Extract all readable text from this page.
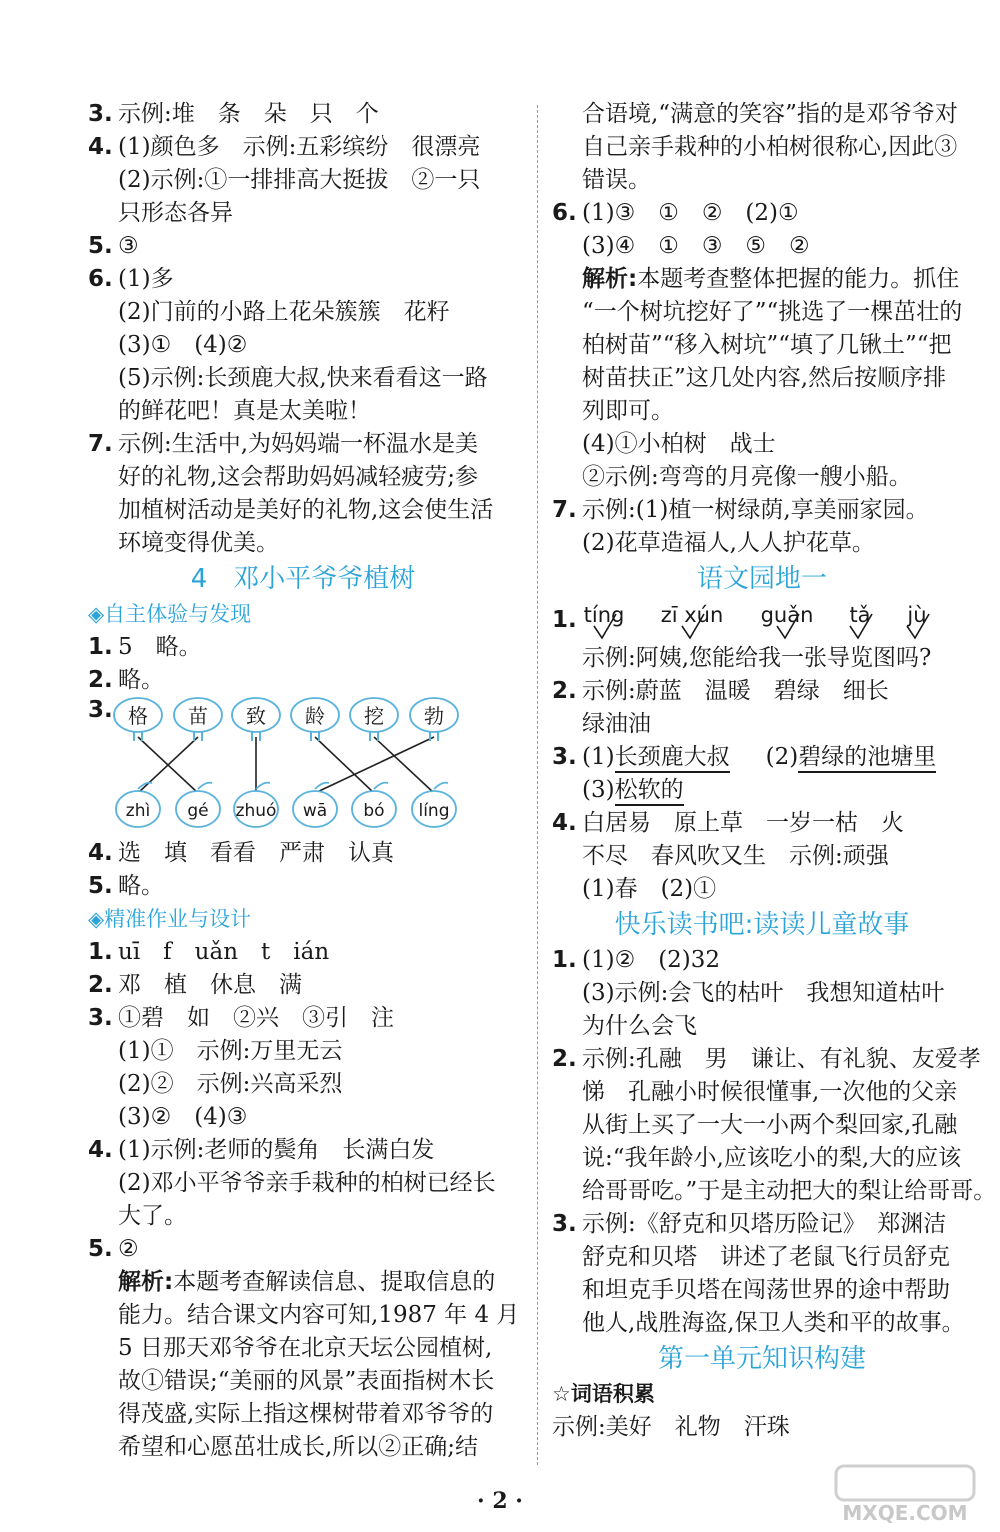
3. 示例:堆　条　朵　只　个
4. (1)颜色多　示例:五彩缤纷　很漂亮
(2)示例:①一排排高大挺拔　②一只
只形态各异
5. ③
6. (1)多
(2)门前的小路上花朵簇簇　花籽
(3)①　(4)②
(5)示例:长颈鹿大叔,快来看看这一路
的鲜花吧！真是太美啦！
7. 示例:生活中,为妈妈端一杯温水是美
好的礼物,这会帮助妈妈减轻疲劳;参
加植树活动是美好的礼物,这会使生活
环境变得优美。
4　邓小平爷爷植树
◈自主体验与发现
1. 5　略。
2. 略。
3. 格 苗 致 龄 挖 勃
zhì gé zhuó wā bó líng
4. 选　填　看看　严肃　认真
5. 略。
◈精准作业与设计
1. uī　f　uǎn　t　ián
2. 邓　植　休息　满
3. ①碧　如　②兴　③引　注
(1)①　示例:万里无云
(2)②　示例:兴高采烈
(3)②　(4)③
4. (1)示例:老师的鬓角　长满白发
(2)邓小平爷爷亲手栽种的柏树已经长
大了。
5. ②
解析:本题考查解读信息、提取信息的
能力。结合课文内容可知,1987 年 4 月
5 日那天邓爷爷在北京天坛公园植树,
故①错误;“美丽的风景”表面指树木长
得茂盛,实际上指这棵树带着邓爷爷的
希望和心愿茁壮成长,所以②正确;结
合语境,“满意的笑容”指的是邓爷爷对
自己亲手栽种的小柏树很称心,因此③
错误。
6. (1)③　①　②　(2)①
(3)④　①　③　⑤　②
解析:本题考查整体把握的能力。抓住
“一个树坑挖好了”“挑选了一棵茁壮的
柏树苗”“移入树坑”“填了几锹土”“把
树苗扶正”这几处内容,然后按顺序排
列即可。
(4)①小柏树　战士
②示例:弯弯的月亮像一艘小船。
7. 示例:(1)植一树绿荫,享美丽家园。
(2)花草造福人,人人护花草。
语文园地一
1. tíng zī xún guǎn tǎ jù
示例:阿姨,您能给我一张导览图吗?
2. 示例:蔚蓝　温暖　碧绿　细长
绿油油
3. (1)长颈鹿大叔 (2)碧绿的池塘里
(3)松软的
4. 白居易　原上草　一岁一枯　火
不尽　春风吹又生　示例:顽强
(1)春　(2)①
快乐读书吧:读读儿童故事
1. (1)②　(2)32
(3)示例:会飞的枯叶　我想知道枯叶
为什么会飞
2. 示例:孔融　男　谦让、有礼貌、友爱孝
悌　孔融小时候很懂事,一次他的父亲
从街上买了一大一小两个梨回家,孔融
说:“我年龄小,应该吃小的梨,大的应该
给哥哥吃。”于是主动把大的梨让给哥哥。
3. 示例:《舒克和贝塔历险记》　郑渊洁
舒克和贝塔　讲述了老鼠飞行员舒克
和坦克手贝塔在闯荡世界的途中帮助
他人,战胜海盗,保卫人类和平的故事。
第一单元知识构建
☆词语积累
示例:美好　礼物　汗珠
· 2 ·	MXQE.COM
